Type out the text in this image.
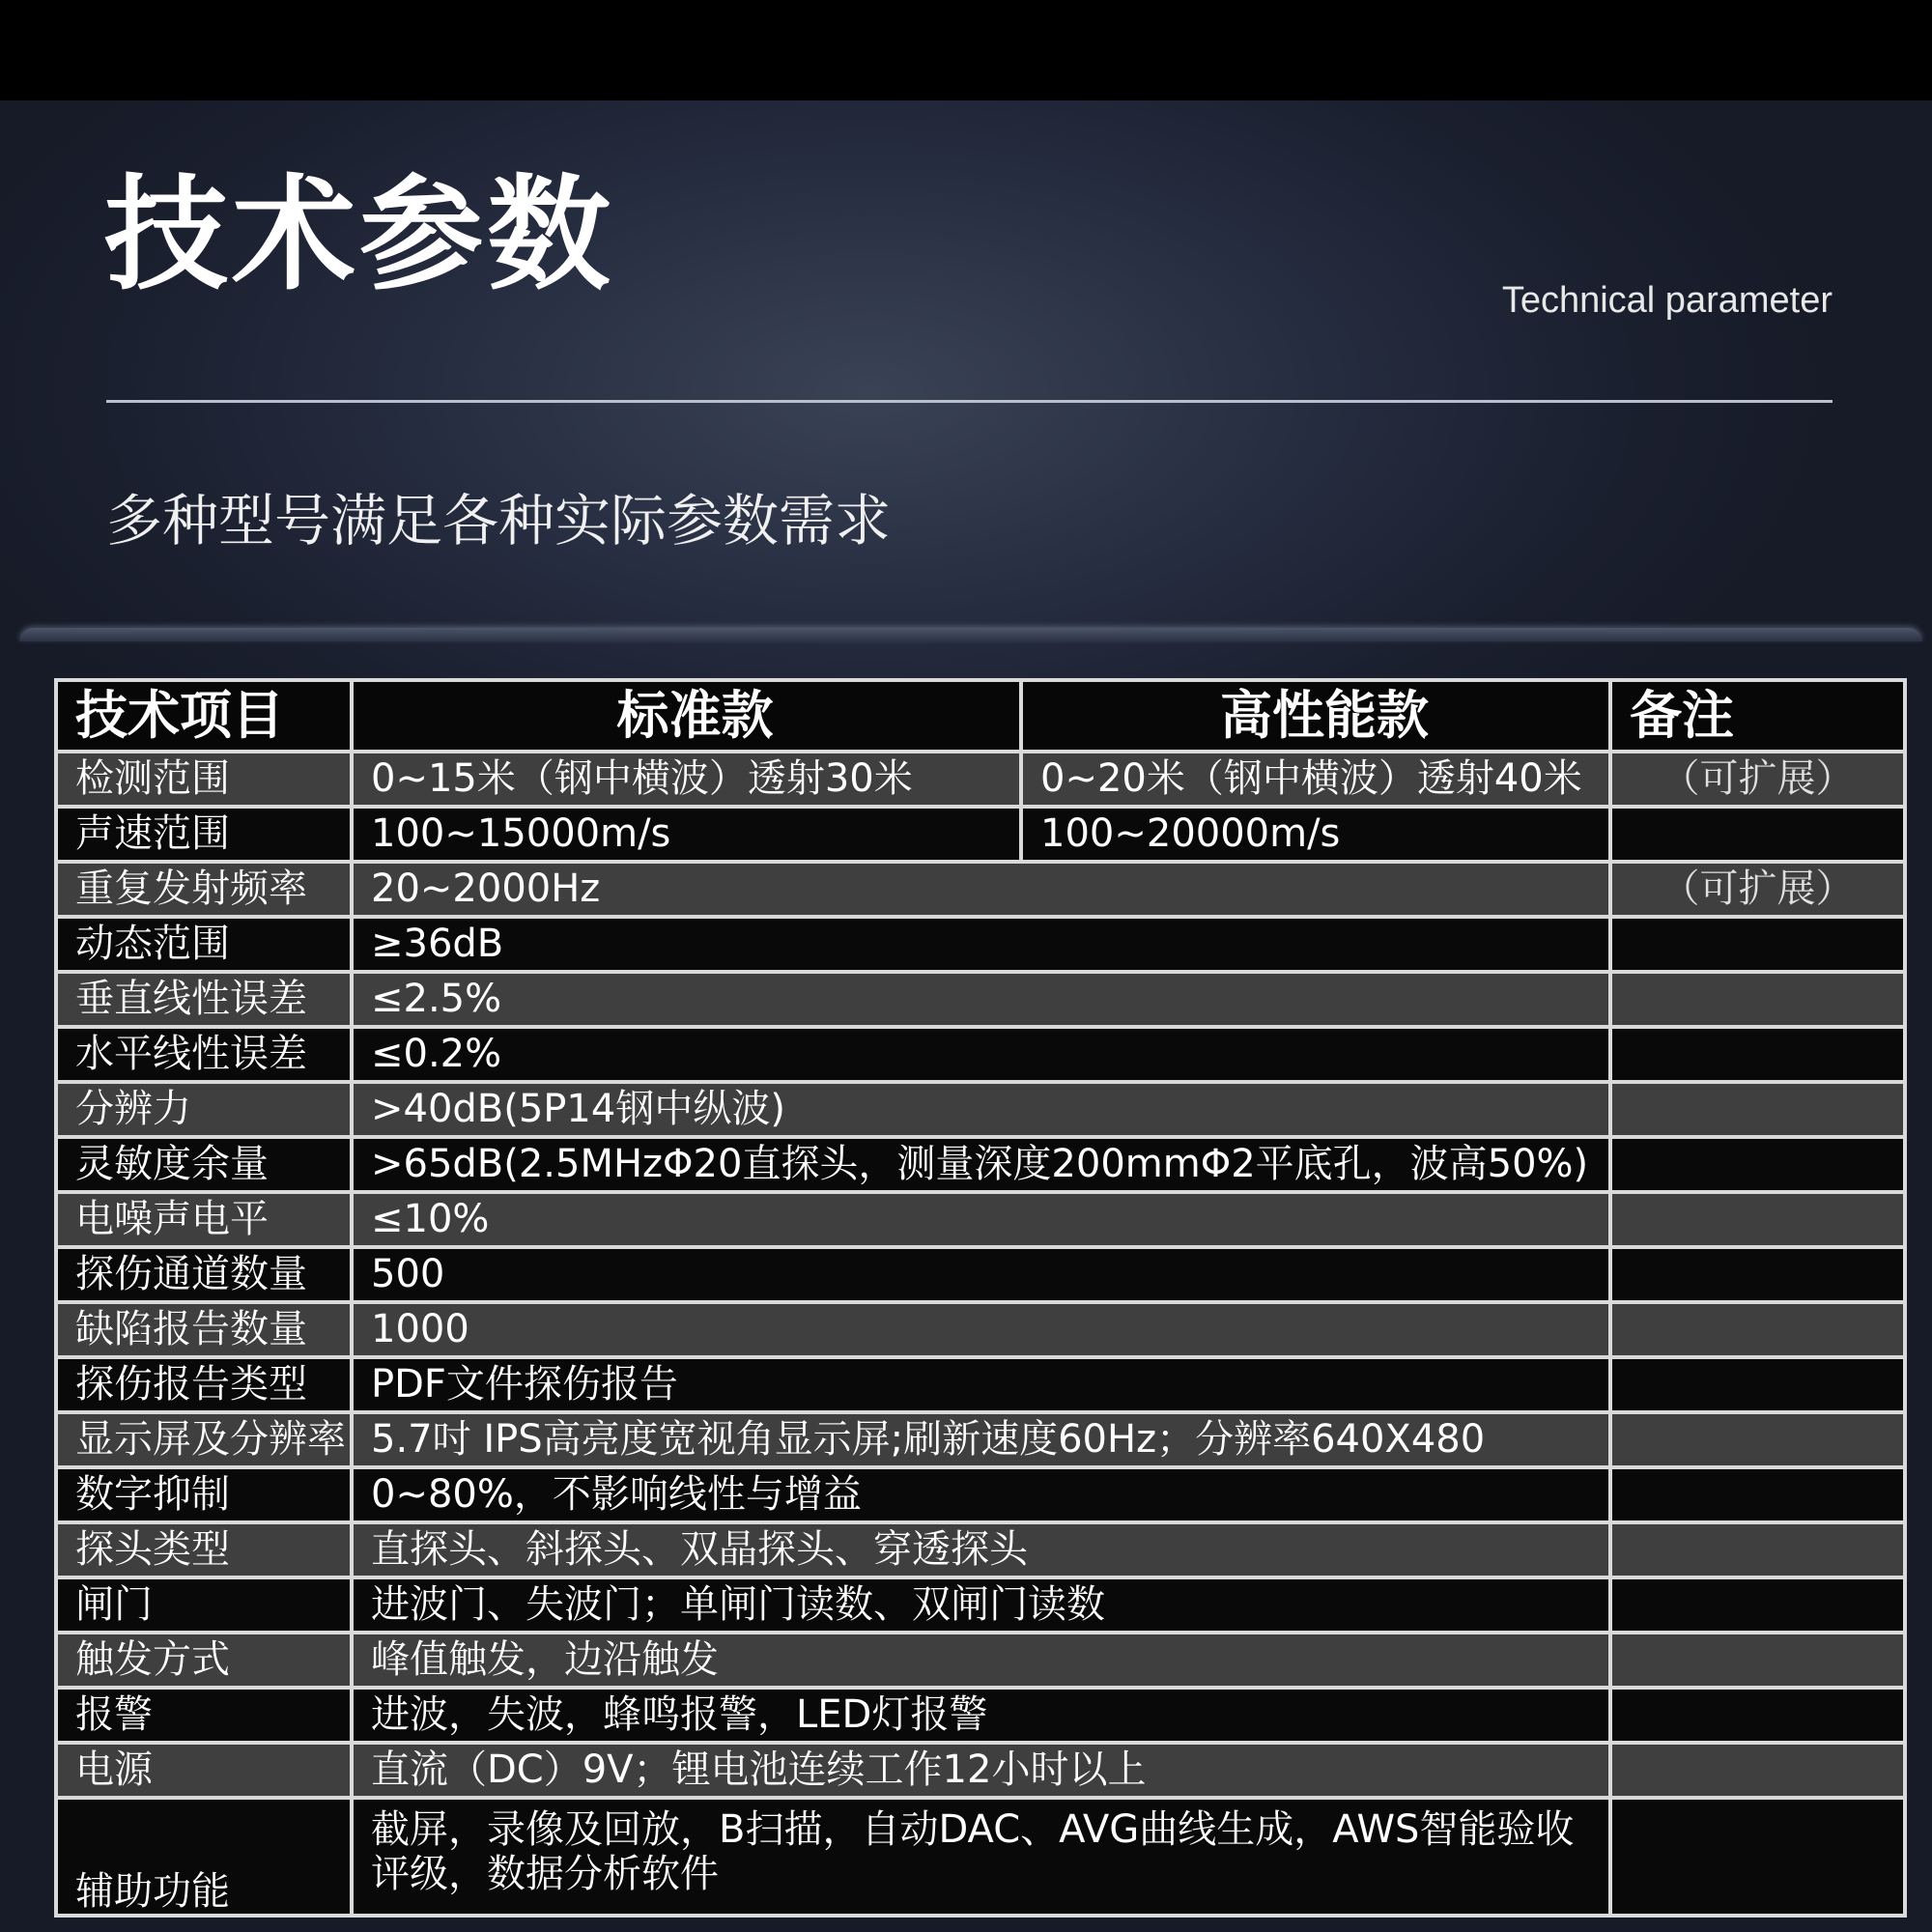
技术参数	Technical parameter
多种型号满足各种实际参数需求
技术项目	标准款	高性能款	备注
检测范围	0~15米（钢中横波）透射30米	0~20米（钢中横波）透射40米	（可扩展）
声速范围	100~15000m/s	100~20000m/s	
重复发射频率	20~2000Hz		（可扩展）
动态范围	≥36dB		
垂直线性误差	≤2.5%		
水平线性误差	≤0.2%		
分辨力	>40dB(5P14钢中纵波)		
灵敏度余量	>65dB(2.5MHzΦ20直探头，测量深度200mmΦ2平底孔，波高50%)		
电噪声电平	≤10%		
探伤通道数量	500		
缺陷报告数量	1000		
探伤报告类型	PDF文件探伤报告		
显示屏及分辨率	5.7吋 IPS高亮度宽视角显示屏;刷新速度60Hz；分辨率640X480		
数字抑制	0~80%，不影响线性与增益		
探头类型	直探头、斜探头、双晶探头、穿透探头		
闸门	进波门、失波门；单闸门读数、双闸门读数		
触发方式	峰值触发，边沿触发		
报警	进波，失波，蜂鸣报警，LED灯报警		
电源	直流（DC）9V；锂电池连续工作12小时以上		
辅助功能	截屏，录像及回放，B扫描，自动DAC、AVG曲线生成，AWS智能验收评级，数据分析软件		
